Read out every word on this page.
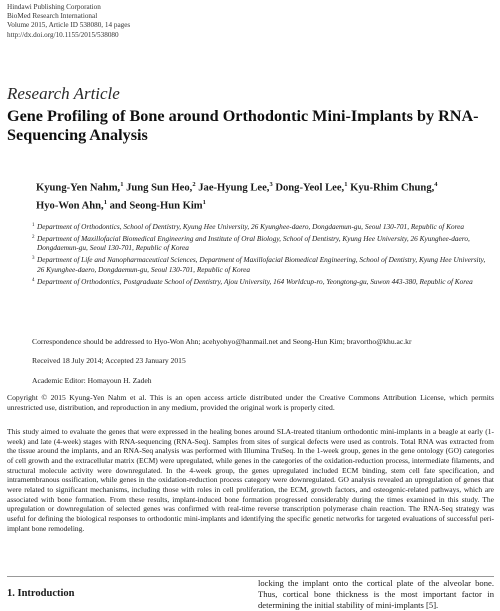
Hindawi Publishing Corporation
BioMed Research International
Volume 2015, Article ID 538080, 14 pages
http://dx.doi.org/10.1155/2015/538080
Research Article
Gene Profiling of Bone around Orthodontic Mini-Implants by RNA-Sequencing Analysis
Kyung-Yen Nahm,$^1$ Jung Sun Heo,$^2$ Jae-Hyung Lee,$^3$ Dong-Yeol Lee,$^1$ Kyu-Rhim Chung,$^4$
Hyo-Won Ahn,$^1$ and Seong-Hun Kim$^1$
1 Department of Orthodontics, School of Dentistry, Kyung Hee University, 26 Kyunghee-daero, Dongdaemun-gu, Seoul 130-701, Republic of Korea
2 Department of Maxillofacial Biomedical Engineering and Institute of Oral Biology, School of Dentistry, Kyung Hee University, 26 Kyunghee-daero, Dongdaemun-gu, Seoul 130-701, Republic of Korea
3 Department of Life and Nanopharmaceutical Sciences, Department of Maxillofacial Biomedical Engineering, School of Dentistry, Kyung Hee University, 26 Kyunghee-daero, Dongdaemun-gu, Seoul 130-701, Republic of Korea
4 Department of Orthodontics, Postgraduate School of Dentistry, Ajou University, 164 Worldcup-ro, Yeongtong-gu, Suwon 443-380, Republic of Korea
Correspondence should be addressed to Hyo-Won Ahn; acehyohyo@hanmail.net and Seong-Hun Kim; bravortho@khu.ac.kr
Received 18 July 2014; Accepted 23 January 2015
Academic Editor: Homayoun H. Zadeh
Copyright © 2015 Kyung-Yen Nahm et al. This is an open access article distributed under the Creative Commons Attribution License, which permits unrestricted use, distribution, and reproduction in any medium, provided the original work is properly cited.
This study aimed to evaluate the genes that were expressed in the healing bones around SLA-treated titanium orthodontic mini-implants in a beagle at early (1-week) and late (4-week) stages with RNA-sequencing (RNA-Seq). Samples from sites of surgical defects were used as controls. Total RNA was extracted from the tissue around the implants, and an RNA-Seq analysis was performed with Illumina TruSeq. In the 1-week group, genes in the gene ontology (GO) categories of cell growth and the extracellular matrix (ECM) were upregulated, while genes in the categories of the oxidation-reduction process, intermediate filaments, and structural molecule activity were downregulated. In the 4-week group, the genes upregulated included ECM binding, stem cell fate specification, and intramembranous ossification, while genes in the oxidation-reduction process category were downregulated. GO analysis revealed an upregulation of genes that were related to significant mechanisms, including those with roles in cell proliferation, the ECM, growth factors, and osteogenic-related pathways, which are associated with bone formation. From these results, implant-induced bone formation progressed considerably during the times examined in this study. The upregulation or downregulation of selected genes was confirmed with real-time reverse transcription polymerase chain reaction. The RNA-Seq strategy was useful for defining the biological responses to orthodontic mini-implants and identifying the specific genetic networks for targeted evaluations of successful peri-implant bone remodeling.
locking the implant onto the cortical plate of the alveolar bone. Thus, cortical bone thickness is the most important factor in determining the initial stability of mini-implants [5].
1. Introduction
